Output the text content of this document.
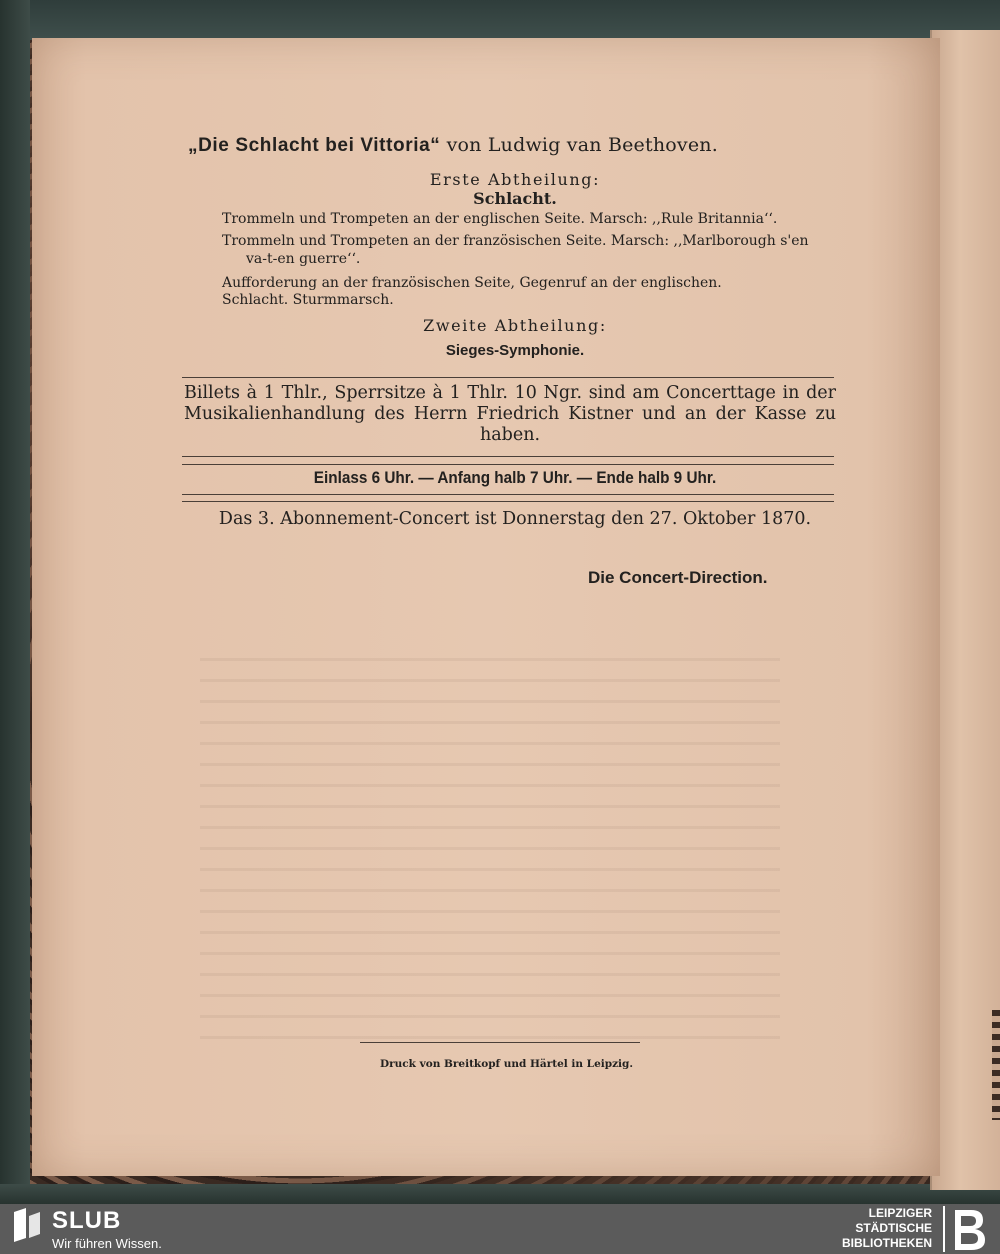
„Die Schlacht bei Vittoria“ von Ludwig van Beethoven.
Erste Abtheilung:
Schlacht.
Trommeln und Trompeten an der englischen Seite. Marsch: ,,Rule Britannia‘‘.
Trommeln und Trompeten an der französischen Seite. Marsch: ,,Marlborough s'en
va-t-en guerre‘‘.
Aufforderung an der französischen Seite, Gegenruf an der englischen.
Schlacht. Sturmmarsch.
Zweite Abtheilung:
Sieges-Symphonie.
Billets à 1 Thlr., Sperrsitze à 1 Thlr. 10 Ngr. sind am Concerttage in der Musikalienhandlung des Herrn Friedrich Kistner und an der Kasse zu haben.
Einlass 6 Uhr. — Anfang halb 7 Uhr. — Ende halb 9 Uhr.
Das 3. Abonnement-Concert ist Donnerstag den 27. Oktober 1870.
Die Concert-Direction.
Druck von Breitkopf und Härtel in Leipzig.
SLUB
Wir führen Wissen.
LEIPZIGER
STÄDTISCHE
BIBLIOTHEKEN
